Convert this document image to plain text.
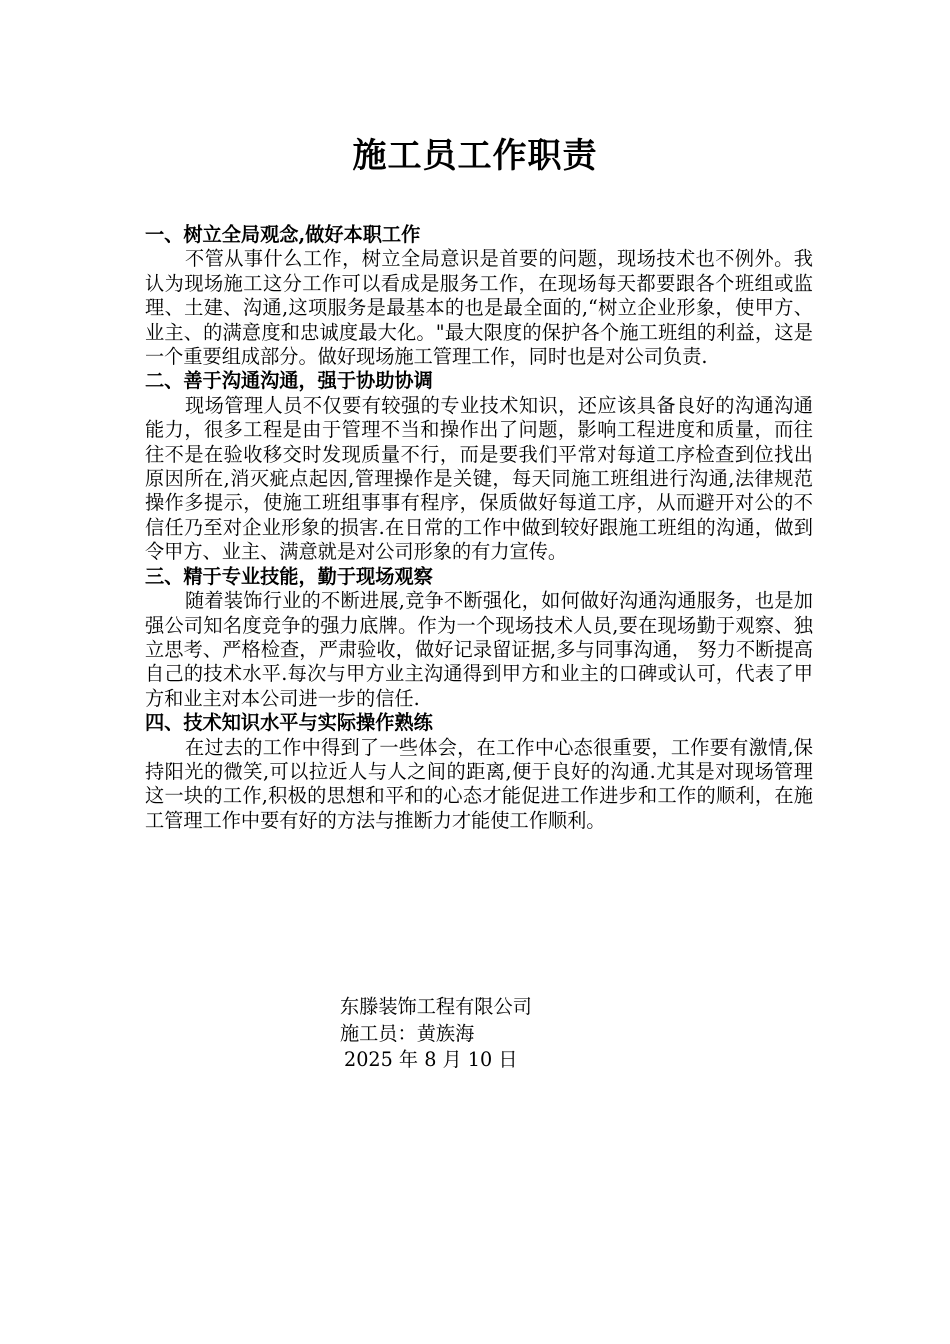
施工员工作职责

一、树立全局观念,做好本职工作

不管从事什么工作，树立全局意识是首要的问题，现场技术也不例外。我认为现场施工这分工作可以看成是服务工作，在现场每天都要跟各个班组或监理、土建、沟通,这项服务是最基本的也是最全面的,“树立企业形象，使甲方、业主、的满意度和忠诚度最大化。"最大限度的保护各个施工班组的利益，这是一个重要组成部分。做好现场施工管理工作，同时也是对公司负责.

二、善于沟通沟通，强于协助协调

现场管理人员不仅要有较强的专业技术知识，还应该具备良好的沟通沟通能力，很多工程是由于管理不当和操作出了问题，影响工程进度和质量，而往往不是在验收移交时发现质量不行，而是要我们平常对每道工序检查到位找出原因所在,消灭疵点起因,管理操作是关键，每天同施工班组进行沟通,法律规范操作多提示，使施工班组事事有程序，保质做好每道工序，从而避开对公的不信任乃至对企业形象的损害.在日常的工作中做到较好跟施工班组的沟通，做到令甲方、业主、满意就是对公司形象的有力宣传。

三、精于专业技能，勤于现场观察

随着装饰行业的不断进展,竞争不断强化，如何做好沟通沟通服务，也是加强公司知名度竞争的强力底牌。作为一个现场技术人员,要在现场勤于观察、独立思考、严格检查，严肃验收，做好记录留证据,多与同事沟通， 努力不断提高自己的技术水平.每次与甲方业主沟通得到甲方和业主的口碑或认可，代表了甲方和业主对本公司进一步的信任.

四、技术知识水平与实际操作熟练

在过去的工作中得到了一些体会，在工作中心态很重要，工作要有激情,保持阳光的微笑,可以拉近人与人之间的距离,便于良好的沟通.尤其是对现场管理这一块的工作,积极的思想和平和的心态才能促进工作进步和工作的顺利，在施工管理工作中要有好的方法与推断力才能使工作顺利。

东滕装饰工程有限公司
施工员：黄族海
2025 年 8 月 10 日
